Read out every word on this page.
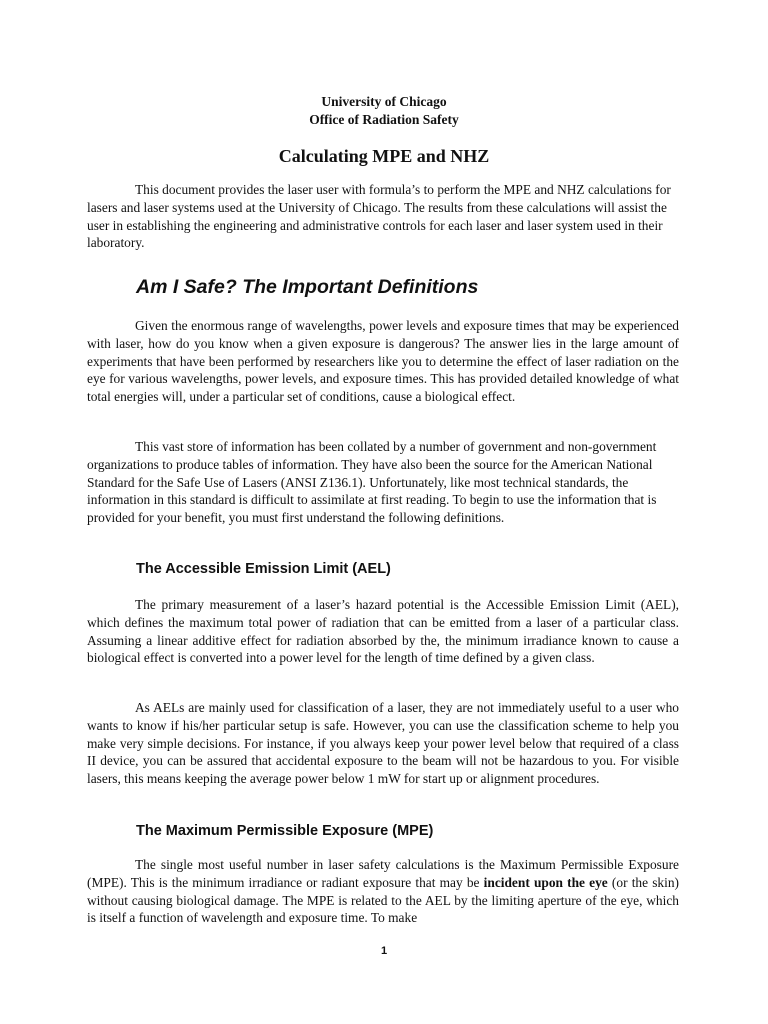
University of Chicago
Office of Radiation Safety
Calculating MPE and NHZ
This document provides the laser user with formula’s to perform the MPE and NHZ calculations for lasers and laser systems used at the University of Chicago. The results from these calculations will assist the user in establishing the engineering and administrative controls for each laser and laser system used in their laboratory.
Am I Safe? The Important Definitions
Given the enormous range of wavelengths, power levels and exposure times that may be experienced with laser, how do you know when a given exposure is dangerous? The answer lies in the large amount of experiments that have been performed by researchers like you to determine the effect of laser radiation on the eye for various wavelengths, power levels, and exposure times. This has provided detailed knowledge of what total energies will, under a particular set of conditions, cause a biological effect.
This vast store of information has been collated by a number of government and non-government organizations to produce tables of information. They have also been the source for the American National Standard for the Safe Use of Lasers (ANSI Z136.1). Unfortunately, like most technical standards, the information in this standard is difficult to assimilate at first reading. To begin to use the information that is provided for your benefit, you must first understand the following definitions.
The Accessible Emission Limit (AEL)
The primary measurement of a laser’s hazard potential is the Accessible Emission Limit (AEL), which defines the maximum total power of radiation that can be emitted from a laser of a particular class. Assuming a linear additive effect for radiation absorbed by the, the minimum irradiance known to cause a biological effect is converted into a power level for the length of time defined by a given class.
As AELs are mainly used for classification of a laser, they are not immediately useful to a user who wants to know if his/her particular setup is safe. However, you can use the classification scheme to help you make very simple decisions. For instance, if you always keep your power level below that required of a class II device, you can be assured that accidental exposure to the beam will not be hazardous to you. For visible lasers, this means keeping the average power below 1 mW for start up or alignment procedures.
The Maximum Permissible Exposure (MPE)
The single most useful number in laser safety calculations is the Maximum Permissible Exposure (MPE). This is the minimum irradiance or radiant exposure that may be incident upon the eye (or the skin) without causing biological damage. The MPE is related to the AEL by the limiting aperture of the eye, which is itself a function of wavelength and exposure time. To make
1
